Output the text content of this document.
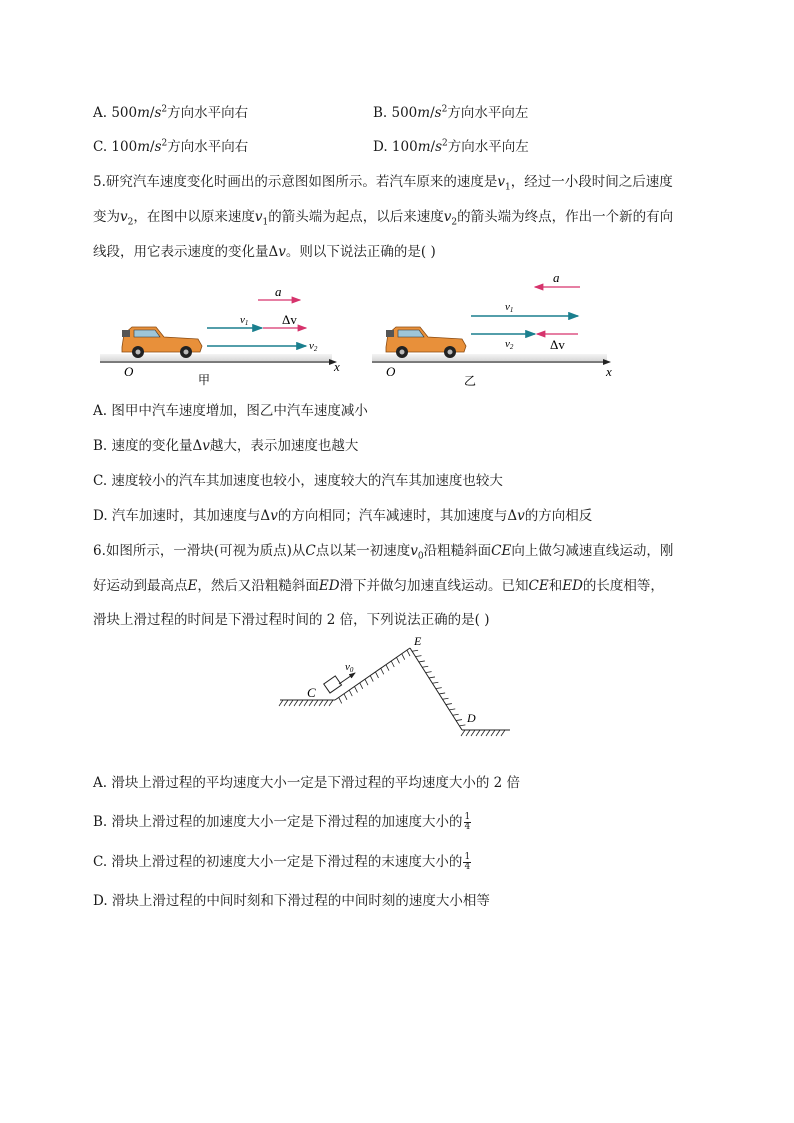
A. $500m/s^2$方向水平向右	B. $500m/s^2$方向水平向左
C. $100m/s^2$方向水平向右	D. $100m/s^2$方向水平向左
5.研究汽车速度变化时画出的示意图如图所示。若汽车原来的速度是$v_1$，经过一小段时间之后速度
变为$v_2$，在图中以原来速度$v_1$的箭头端为起点，以后来速度$v_2$的箭头端为终点，作出一个新的有向
线段，用它表示速度的变化量Δv。则以下说法正确的是( )
a
v1	Δv
v2
O	x
甲
a
v1
v2	Δv
O	x
乙
A. 图甲中汽车速度增加，图乙中汽车速度减小
B. 速度的变化量Δv越大，表示加速度也越大
C. 速度较小的汽车其加速度也较小，速度较大的汽车其加速度也较大
D. 汽车加速时，其加速度与Δv的方向相同；汽车减速时，其加速度与Δv的方向相反
6.如图所示，一滑块(可视为质点)从C点以某一初速度$v_0$沿粗糙斜面CE向上做匀减速直线运动，刚
好运动到最高点E，然后又沿粗糙斜面ED滑下并做匀加速直线运动。已知CE和ED的长度相等，
滑块上滑过程的时间是下滑过程时间的 2 倍，下列说法正确的是( )
v0
C
E
D
A. 滑块上滑过程的平均速度大小一定是下滑过程的平均速度大小的 2 倍
B. 滑块上滑过程的加速度大小一定是下滑过程的加速度大小的 $\frac{1}{4}$
C. 滑块上滑过程的初速度大小一定是下滑过程的末速度大小的 $\frac{1}{4}$
D. 滑块上滑过程的中间时刻和下滑过程的中间时刻的速度大小相等
